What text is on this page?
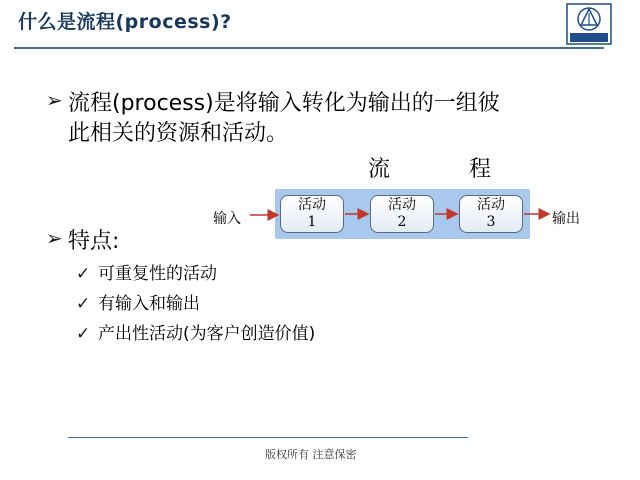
什么是流程(process)?
➢ 流程(process)是将输入转化为输出的一组彼
此相关的资源和活动。
流 程
输入	输出
活动
1
活动
2
活动
3
➢ 特点:
✓ 可重复性的活动
✓ 有输入和输出
✓ 产出性活动(为客户创造价值)
版权所有 注意保密
